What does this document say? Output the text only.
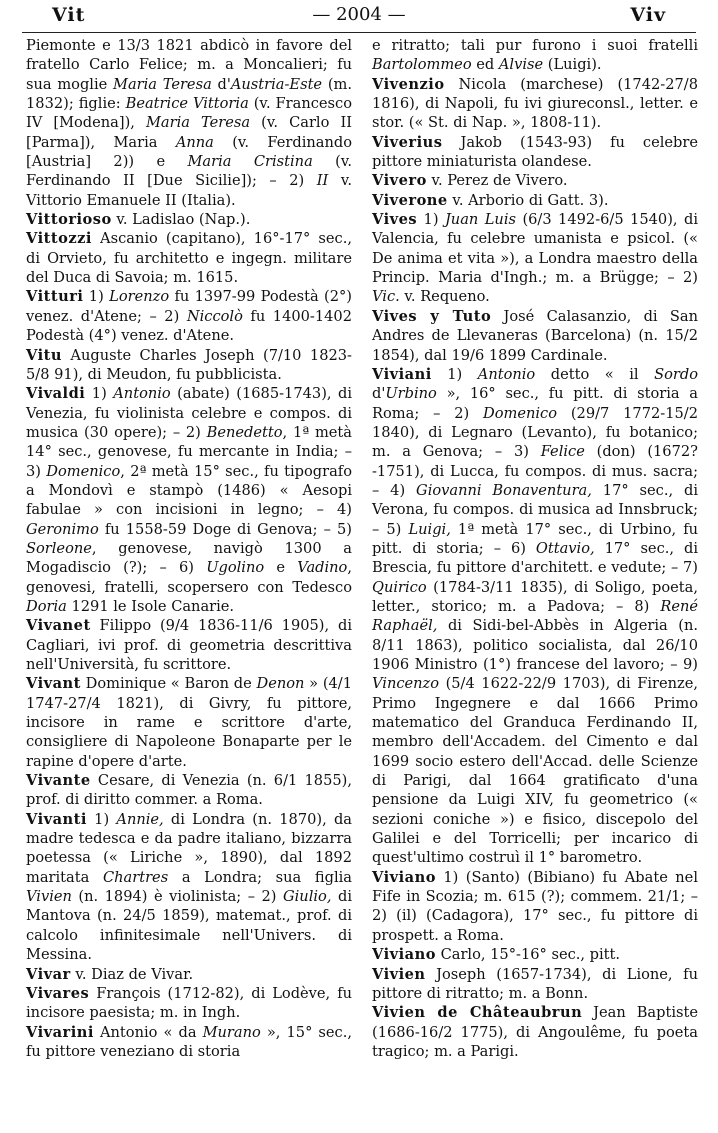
Vit	— 2004 —	Viv

Piemonte e 13/3 1821 abdicò in favore del fratello Carlo Felice; m. a Moncalieri; fu sua moglie Maria Teresa d'Austria-Este (m. 1832); figlie: Beatrice Vittoria (v. Francesco IV [Modena]), Maria Teresa (v. Carlo II [Parma]), Maria Anna (v. Ferdinando [Austria] 2)) e Maria Cristina (v. Ferdinando II [Due Sicilie]); – 2) II v. Vittorio Emanuele II (Italia).

Vittorioso v. Ladislao (Nap.).

Vittozzi Ascanio (capitano), 16°-17° sec., di Orvieto, fu architetto e ingegn. militare del Duca di Savoia; m. 1615.

Vitturi 1) Lorenzo fu 1397-99 Podestà (2°) venez. d'Atene; – 2) Niccolò fu 1400-1402 Podestà (4°) venez. d'Atene.

Vitu Auguste Charles Joseph (7/10 1823-5/8 91), di Meudon, fu pubblicista.

Vivaldi 1) Antonio (abate) (1685-1743), di Venezia, fu violinista celebre e compos. di musica (30 opere); – 2) Benedetto, 1ª metà 14° sec., genovese, fu mercante in India; – 3) Domenico, 2ª metà 15° sec., fu tipografo a Mondovì e stampò (1486) « Aesopi fabulae » con incisioni in legno; – 4) Geronimo fu 1558-59 Doge di Genova; – 5) Sorleone, genovese, navigò 1300 a Mogadiscio (?); – 6) Ugolino e Vadino, genovesi, fratelli, scopersero con Tedesco Doria 1291 le Isole Canarie.

Vivanet Filippo (9/4 1836-11/6 1905), di Cagliari, ivi prof. di geometria descrittiva nell'Università, fu scrittore.

Vivant Dominique « Baron de Denon » (4/1 1747-27/4 1821), di Givry, fu pittore, incisore in rame e scrittore d'arte, consigliere di Napoleone Bonaparte per le rapine d'opere d'arte.

Vivante Cesare, di Venezia (n. 6/1 1855), prof. di diritto commer. a Roma.

Vivanti 1) Annie, di Londra (n. 1870), da madre tedesca e da padre italiano, bizzarra poetessa (« Liriche », 1890), dal 1892 maritata Chartres a Londra; sua figlia Vivien (n. 1894) è violinista; – 2) Giulio, di Mantova (n. 24/5 1859), matemat., prof. di calcolo infinitesimale nell'Univers. di Messina.

Vivar v. Diaz de Vivar.

Vivares François (1712-82), di Lodève, fu incisore paesista; m. in Ingh.

Vivarini Antonio « da Murano », 15° sec., fu pittore veneziano di storia

e ritratto; tali pur furono i suoi fratelli Bartolommeo ed Alvise (Luigi).

Vivenzio Nicola (marchese) (1742-27/8 1816), di Napoli, fu ivi giureconsl., letter. e stor. (« St. di Nap. », 1808-11).

Viverius Jakob (1543-93) fu celebre pittore miniaturista olandese.

Vivero v. Perez de Vivero.

Viverone v. Arborio di Gatt. 3).

Vives 1) Juan Luis (6/3 1492-6/5 1540), di Valencia, fu celebre umanista e psicol. (« De anima et vita »), a Londra maestro della Princip. Maria d'Ingh.; m. a Brügge; – 2) Vic. v. Requeno.

Vives y Tuto José Calasanzio, di San Andres de Llevaneras (Barcelona) (n. 15/2 1854), dal 19/6 1899 Cardinale.

Viviani 1) Antonio detto « il Sordo d'Urbino », 16° sec., fu pitt. di storia a Roma; – 2) Domenico (29/7 1772-15/2 1840), di Legnaro (Levanto), fu botanico; m. a Genova; – 3) Felice (don) (1672?-1751), di Lucca, fu compos. di mus. sacra; – 4) Giovanni Bonaventura, 17° sec., di Verona, fu compos. di musica ad Innsbruck; – 5) Luigi, 1ª metà 17° sec., di Urbino, fu pitt. di storia; – 6) Ottavio, 17° sec., di Brescia, fu pittore d'architett. e vedute; – 7) Quirico (1784-3/11 1835), di Soligo, poeta, letter., storico; m. a Padova; – 8) René Raphaël, di Sidi-bel-Abbès in Algeria (n. 8/11 1863), politico socialista, dal 26/10 1906 Ministro (1°) francese del lavoro; – 9) Vincenzo (5/4 1622-22/9 1703), di Firenze, Primo Ingegnere e dal 1666 Primo matematico del Granduca Ferdinando II, membro dell'Accadem. del Cimento e dal 1699 socio estero dell'Accad. delle Scienze di Parigi, dal 1664 gratificato d'una pensione da Luigi XIV, fu geometrico (« sezioni coniche ») e fisico, discepolo del Galilei e del Torricelli; per incarico di quest'ultimo costruì il 1° barometro.

Viviano 1) (Santo) (Bibiano) fu Abate nel Fife in Scozia; m. 615 (?); commem. 21/1; – 2) (il) (Cadagora), 17° sec., fu pittore di prospett. a Roma.

Viviano Carlo, 15°-16° sec., pitt.

Vivien Joseph (1657-1734), di Lione, fu pittore di ritratto; m. a Bonn.

Vivien de Châteaubrun Jean Baptiste (1686-16/2 1775), di Angoulême, fu poeta tragico; m. a Parigi.
